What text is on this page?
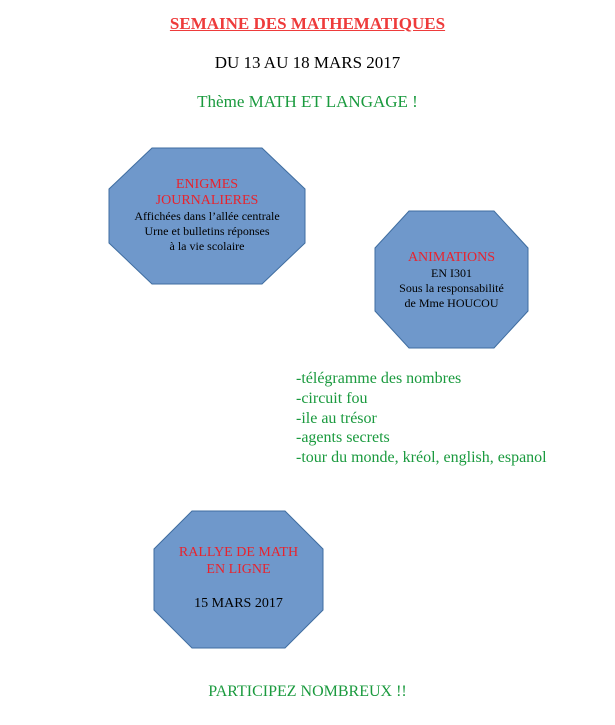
SEMAINE DES MATHEMATIQUES
DU 13 AU 18 MARS 2017
Thème MATH ET LANGAGE !
ENIGMES
JOURNALIERES
Affichées dans l’allée centrale
Urne et bulletins réponses
à la vie scolaire
ANIMATIONS
EN I301
Sous la responsabilité
de Mme HOUCOU
-télégramme des nombres
-circuit fou
-ile au trésor
-agents secrets
-tour du monde, kréol, english, espanol
RALLYE DE MATH
EN LIGNE
15 MARS 2017
PARTICIPEZ NOMBREUX !!
